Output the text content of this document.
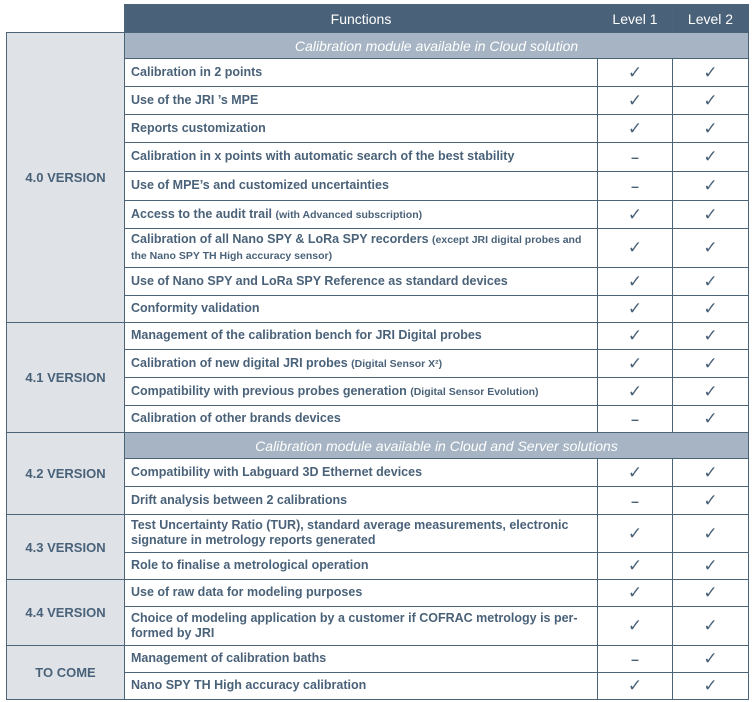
	Functions	Level 1	Level 2
4.0 VERSION	Calibration module available in Cloud solution		
	Calibration in 2 points	✓	✓
	Use of the JRI ’s MPE	✓	✓
	Reports customization	✓	✓
	Calibration in x points with automatic search of the best stability	–	✓
	Use of MPE’s and customized uncertainties	–	✓
	Access to the audit trail (with Advanced subscription)	✓	✓
	Calibration of all Nano SPY & LoRa SPY recorders (except JRI digital probes and the Nano SPY TH High accuracy sensor)	✓	✓
	Use of Nano SPY and LoRa SPY Reference as standard devices	✓	✓
	Conformity validation	✓	✓
4.1 VERSION	Management of the calibration bench for JRI Digital probes	✓	✓
	Calibration of new digital JRI probes (Digital Sensor X²)	✓	✓
	Compatibility with previous probes generation (Digital Sensor Evolution)	✓	✓
	Calibration of other brands devices	–	✓
4.2 VERSION	Calibration module available in Cloud and Server solutions		
	Compatibility with Labguard 3D Ethernet devices	✓	✓
	Drift analysis between 2 calibrations	–	✓
4.3 VERSION	Test Uncertainty Ratio (TUR), standard average measurements, electronic signature in metrology reports generated	✓	✓
	Role to finalise a metrological operation	✓	✓
4.4 VERSION	Use of raw data for modeling purposes	✓	✓
	Choice of modeling application by a customer if COFRAC metrology is per-formed by JRI	✓	✓
TO COME	Management of calibration baths	–	✓
	Nano SPY TH High accuracy calibration	✓	✓
